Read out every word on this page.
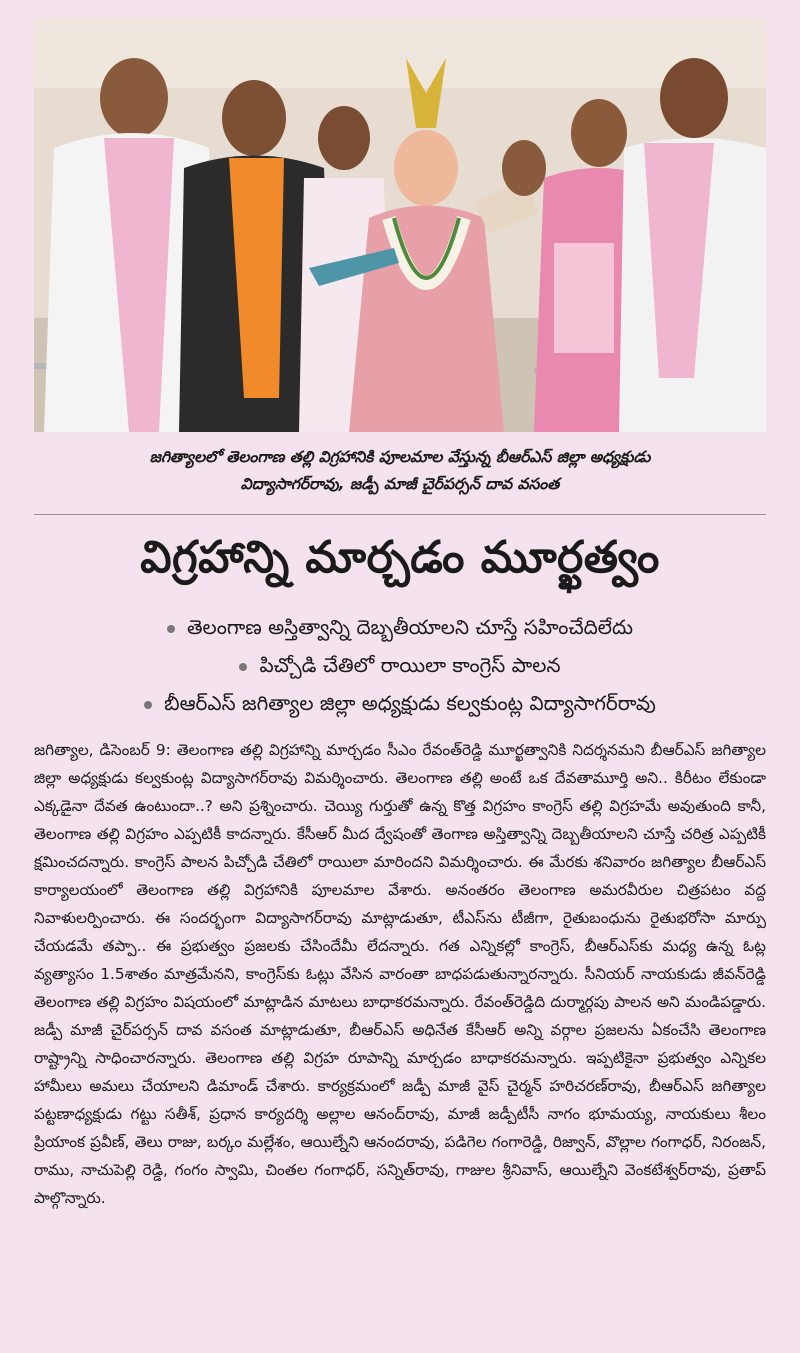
జగిత్యాలలో తెలంగాణ తల్లి విగ్రహానికి పూలమాల వేస్తున్న బీఆర్ఎస్ జిల్లా అధ్యక్షుడు
విద్యాసాగర్‌రావు, జడ్పీ మాజీ చైర్‌పర్సన్ దావ వసంత
విగ్రహాన్ని మార్చడం మూర్ఖత్వం
తెలంగాణ అస్తిత్వాన్ని దెబ్బతీయాలని చూస్తే సహించేదిలేదు
పిచ్చోడి చేతిలో రాయిలా కాంగ్రెస్ పాలన
బీఆర్ఎస్ జగిత్యాల జిల్లా అధ్యక్షుడు కల్వకుంట్ల విద్యాసాగర్‌రావు
జగిత్యాల, డిసెంబర్ 9: తెలంగాణ తల్లి విగ్రహాన్ని మార్చడం సీఎం రేవంత్‌రెడ్డి మూర్ఖత్వానికి నిదర్శనమని బీఆర్ఎస్ జగిత్యాల జిల్లా అధ్యక్షుడు కల్వకుంట్ల విద్యాసాగర్‌రావు విమర్శించారు. తెలంగాణ తల్లి అంటే ఒక దేవతామూర్తి అని.. కిరీటం లేకుండా ఎక్కడైనా దేవత ఉంటుందా..? అని ప్రశ్నించారు. చెయ్యి గుర్తుతో ఉన్న కొత్త విగ్రహం కాంగ్రెస్ తల్లి విగ్రహమే అవుతుంది కానీ, తెలంగాణ తల్లి విగ్రహం ఎప్పటికీ కాదన్నారు. కేసీఆర్ మీద ద్వేషంతో తెంగాణ అస్తిత్వాన్ని దెబ్బతీయాలని చూస్తే చరిత్ర ఎప్పటికీ క్షమించదన్నారు. కాంగ్రెస్ పాలన పిచ్చోడి చేతిలో రాయిలా మారిందని విమర్శించారు. ఈ మేరకు శనివారం జగిత్యాల బీఆర్ఎస్ కార్యాలయంలో తెలంగాణ తల్లి విగ్రహానికి పూలమాల వేశారు. అనంతరం తెలంగాణ అమరవీరుల చిత్రపటం వద్ద నివాళులర్పించారు. ఈ సందర్భంగా విద్యాసాగర్‌రావు మాట్లాడుతూ, టీఎస్‌ను టీజీగా, రైతుబంధును రైతుభరోసా మార్పు చేయడమే తప్పా.. ఈ ప్రభుత్వం ప్రజలకు చేసిందేమీ లేదన్నారు. గత ఎన్నికల్లో కాంగ్రెస్, బీఆర్ఎస్‌కు మధ్య ఉన్న ఓట్ల వ్యత్యాసం 1.5శాతం మాత్రమేనని, కాంగ్రెస్‌కు ఓట్లు వేసిన వారంతా బాధపడుతున్నారన్నారు. సీనియర్ నాయకుడు జీవన్‌రెడ్డి తెలంగాణ తల్లి విగ్రహం విషయంలో మాట్లాడిన మాటలు బాధాకరమన్నారు. రేవంత్‌రెడ్డిది దుర్మార్గపు పాలన అని మండిపడ్డారు. జడ్పీ మాజీ చైర్‌పర్సన్ దావ వసంత మాట్లాడుతూ, బీఆర్ఎస్ అధినేత కేసీఆర్ అన్ని వర్గాల ప్రజలను ఏకంచేసి తెలంగాణ రాష్ట్రాన్ని సాధించారన్నారు. తెలంగాణ తల్లి విగ్రహ రూపాన్ని మార్చడం బాధాకరమన్నారు. ఇప్పటికైనా ప్రభుత్వం ఎన్నికల హామీలు అమలు చేయాలని డిమాండ్ చేశారు. కార్యక్రమంలో జడ్పీ మాజీ వైస్ చైర్మన్ హరిచరణ్‌రావు, బీఆర్ఎస్ జగిత్యాల పట్టణాధ్యక్షుడు గట్టు సతీశ్, ప్రధాన కార్యదర్శి అల్లాల ఆనంద్‌రావు, మాజీ జడ్పీటీసీ నాగం భూమయ్య, నాయకులు శీలం ప్రియాంక ప్రవీణ్, తెలు రాజు, బర్కం మల్లేశం, ఆయిల్నేని ఆనందరావు, పడిగెల గంగారెడ్డి, రిజ్వాన్, వొల్లాల గంగాధర్, నిరంజన్, రాము, నాచుపెల్లి రెడ్డి, గంగం స్వామి, చింతల గంగాధర్, సన్నిత్‌రావు, గాజుల శ్రీనివాస్, ఆయిల్నేని వెంకటేశ్వర్‌రావు, ప్రతాప్ పాల్గొన్నారు.
